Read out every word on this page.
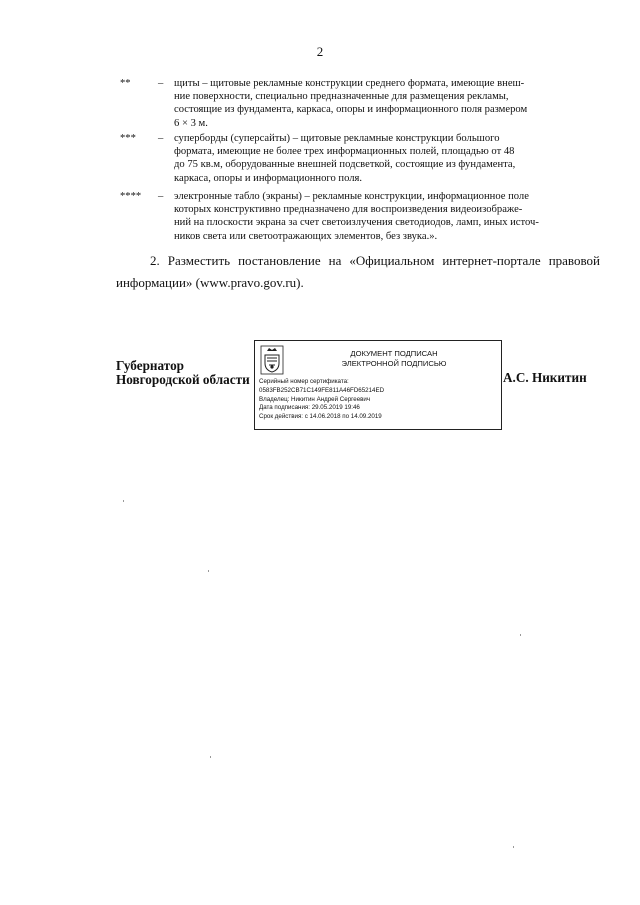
2
**	– щиты – щитовые рекламные конструкции среднего формата, имеющие внеш-
ние поверхности, специально предназначенные для размещения рекламы,
состоящие из фундамента, каркаса, опоры и информационного поля размером
6 × 3 м.
*** – суперборды (суперсайты) – щитовые рекламные конструкции большого
формата, имеющие не более трех информационных полей, площадью от 48
до 75 кв.м, оборудованные внешней подсветкой, состоящие из фундамента,
каркаса, опоры и информационного поля.
**** – электронные табло (экраны) – рекламные конструкции, информационное поле
которых конструктивно предназначено для воспроизведения видеоизображе-
ний на плоскости экрана за счет светоизлучения светодиодов, ламп, иных источ-
ников света или светоотражающих элементов, без звука.».
2. Разместить постановление на «Официальном интернет-портале правовой информации» (www.pravo.gov.ru).
Губернатор
Новгородской области
ДОКУМЕНТ ПОДПИСАН
ЭЛЕКТРОННОЙ ПОДПИСЬЮ
Серийный номер сертификата:
0583FB252CB71C149FE811A46FD65214ED
Владелец: Никитин Андрей Сергеевич
Дата подписания: 29.05.2019 19:46
Срок действия: с 14.06.2018 по 14.09.2019
А.С. Никитин
